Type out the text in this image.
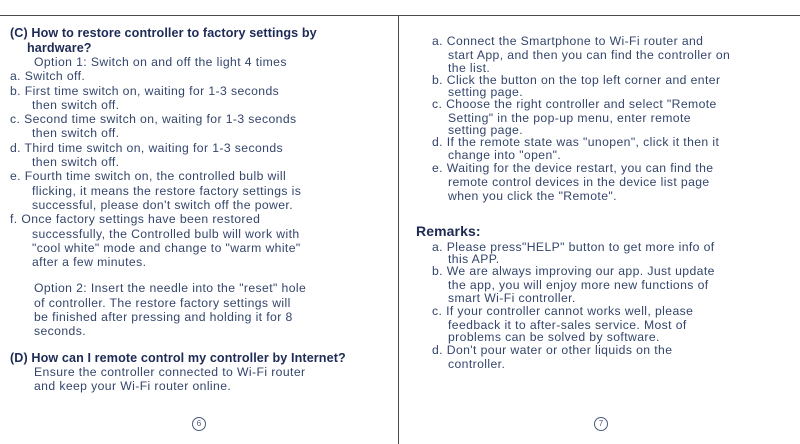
(C) How to restore controller to factory settings by
hardware?
Option 1: Switch on and off the light 4 times
a. Switch off.
b. First time switch on, waiting for 1-3 seconds
then switch off.
c. Second time switch on, waiting for 1-3 seconds
then switch off.
d. Third time switch on, waiting for 1-3 seconds
then switch off.
e. Fourth time switch on, the controlled bulb will
flicking, it means the restore factory settings is
successful, please don't switch off the power.
f. Once factory settings have been restored
successfully, the Controlled bulb will work with
"cool white" mode and change to "warm white"
after a few minutes.
Option 2: Insert the needle into the "reset" hole
of controller. The restore factory settings will
be finished after pressing and holding it for 8
seconds.
(D) How can I remote control my controller by Internet?
Ensure the controller connected to Wi-Fi router
and keep your Wi-Fi router online.
a. Connect the Smartphone to Wi-Fi router and
start App, and then you can find the controller on
the list.
b. Click the button on the top left corner and enter
setting page.
c. Choose the right controller and select "Remote
Setting" in the pop-up menu, enter remote
setting page.
d. If the remote state was "unopen", click it then it
change into "open".
e. Waiting for the device restart, you can find the
remote control devices in the device list page
when you click the "Remote".
Remarks:
a. Please press"HELP" button to get more info of
this APP.
b. We are always improving our app. Just update
the app, you will enjoy more new functions of
smart Wi-Fi controller.
c. If your controller cannot works well, please
feedback it to after-sales service. Most of
problems can be solved by software.
d. Don't pour water or other liquids on the
controller.
6	7
